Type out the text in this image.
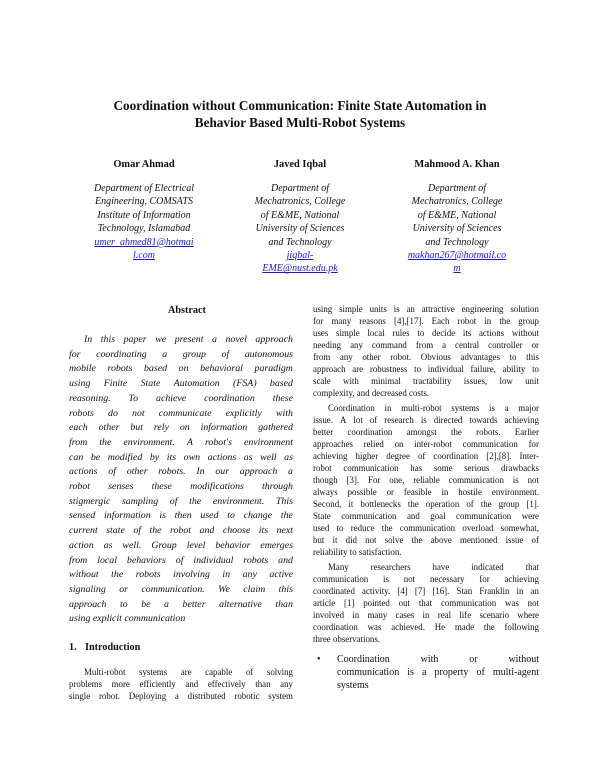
Coordination without Communication: Finite State Automation in
Behavior Based Multi-Robot Systems
Omar Ahmad
Department of Electrical
Engineering, COMSATS
Institute of Information
Technology, Islamabad
umer_ahmed81@hotmai
l.com
Javed Iqbal
Department of
Mechatronics, College
of E&ME, National
University of Sciences
and Technology
jiqbal-
EME@nust.edu.pk
Mahmood A. Khan
Department of
Mechatronics, College
of E&ME, National
University of Sciences
and Technology
makhan267@hotmail.co
m
Abstract
In this paper we present a novel approach
for coordinating a group of autonomous
mobile robots based on behavioral paradigm
using Finite State Automation (FSA) based
reasoning. To achieve coordination these
robots do not communicate explicitly with
each other but rely on information gathered
from the environment. A robot's environment
can be modified by its own actions as well as
actions of other robots. In our approach a
robot senses these modifications through
stigmergic sampling of the environment. This
sensed information is then used to change the
current state of the robot and choose its next
action as well. Group level behavior emerges
from local behaviors of individual robots and
without the robots involving in any active
signaling or communication. We claim this
approach to be a better alternative than
using explicit communication
1. Introduction
Multi-robot systems are capable of solving
problems more efficiently and effectively than any
single robot. Deploying a distributed robotic system
using simple units is an attractive engineering solution
for many reasons [4],[17]. Each robot in the group
uses simple local rules to decide its actions without
needing any command from a central controller or
from any other robot. Obvious advantages to this
approach are robustness to individual failure, ability to
scale with minimal tractability issues, low unit
complexity, and decreased costs.
Coordination in multi-robot systems is a major
issue. A lot of research is directed towards achieving
better coordination amongst the robots. Earlier
approaches relied on inter-robot communication for
achieving higher degree of coordination [2],[8]. Inter-
robot communication has some serious drawbacks
though [3]. For one, reliable communication is not
always possible or feasible in hostile environment.
Second, it bottlenecks the operation of the group [1].
State communication and goal communication were
used to reduce the communication overload somewhat,
but it did not solve the above mentioned issue of
reliability to satisfaction.
Many researchers have indicated that
communication is not necessary for achieving
coordinated activity. [4] [7] [16]. Stan Franklin in an
article [1] pointed out that communication was not
involved in many cases in real life scenario where
coordination was achieved. He made the following
three observations.
• Coordination	with	or	without
communication is a property of multi-agent
systems
